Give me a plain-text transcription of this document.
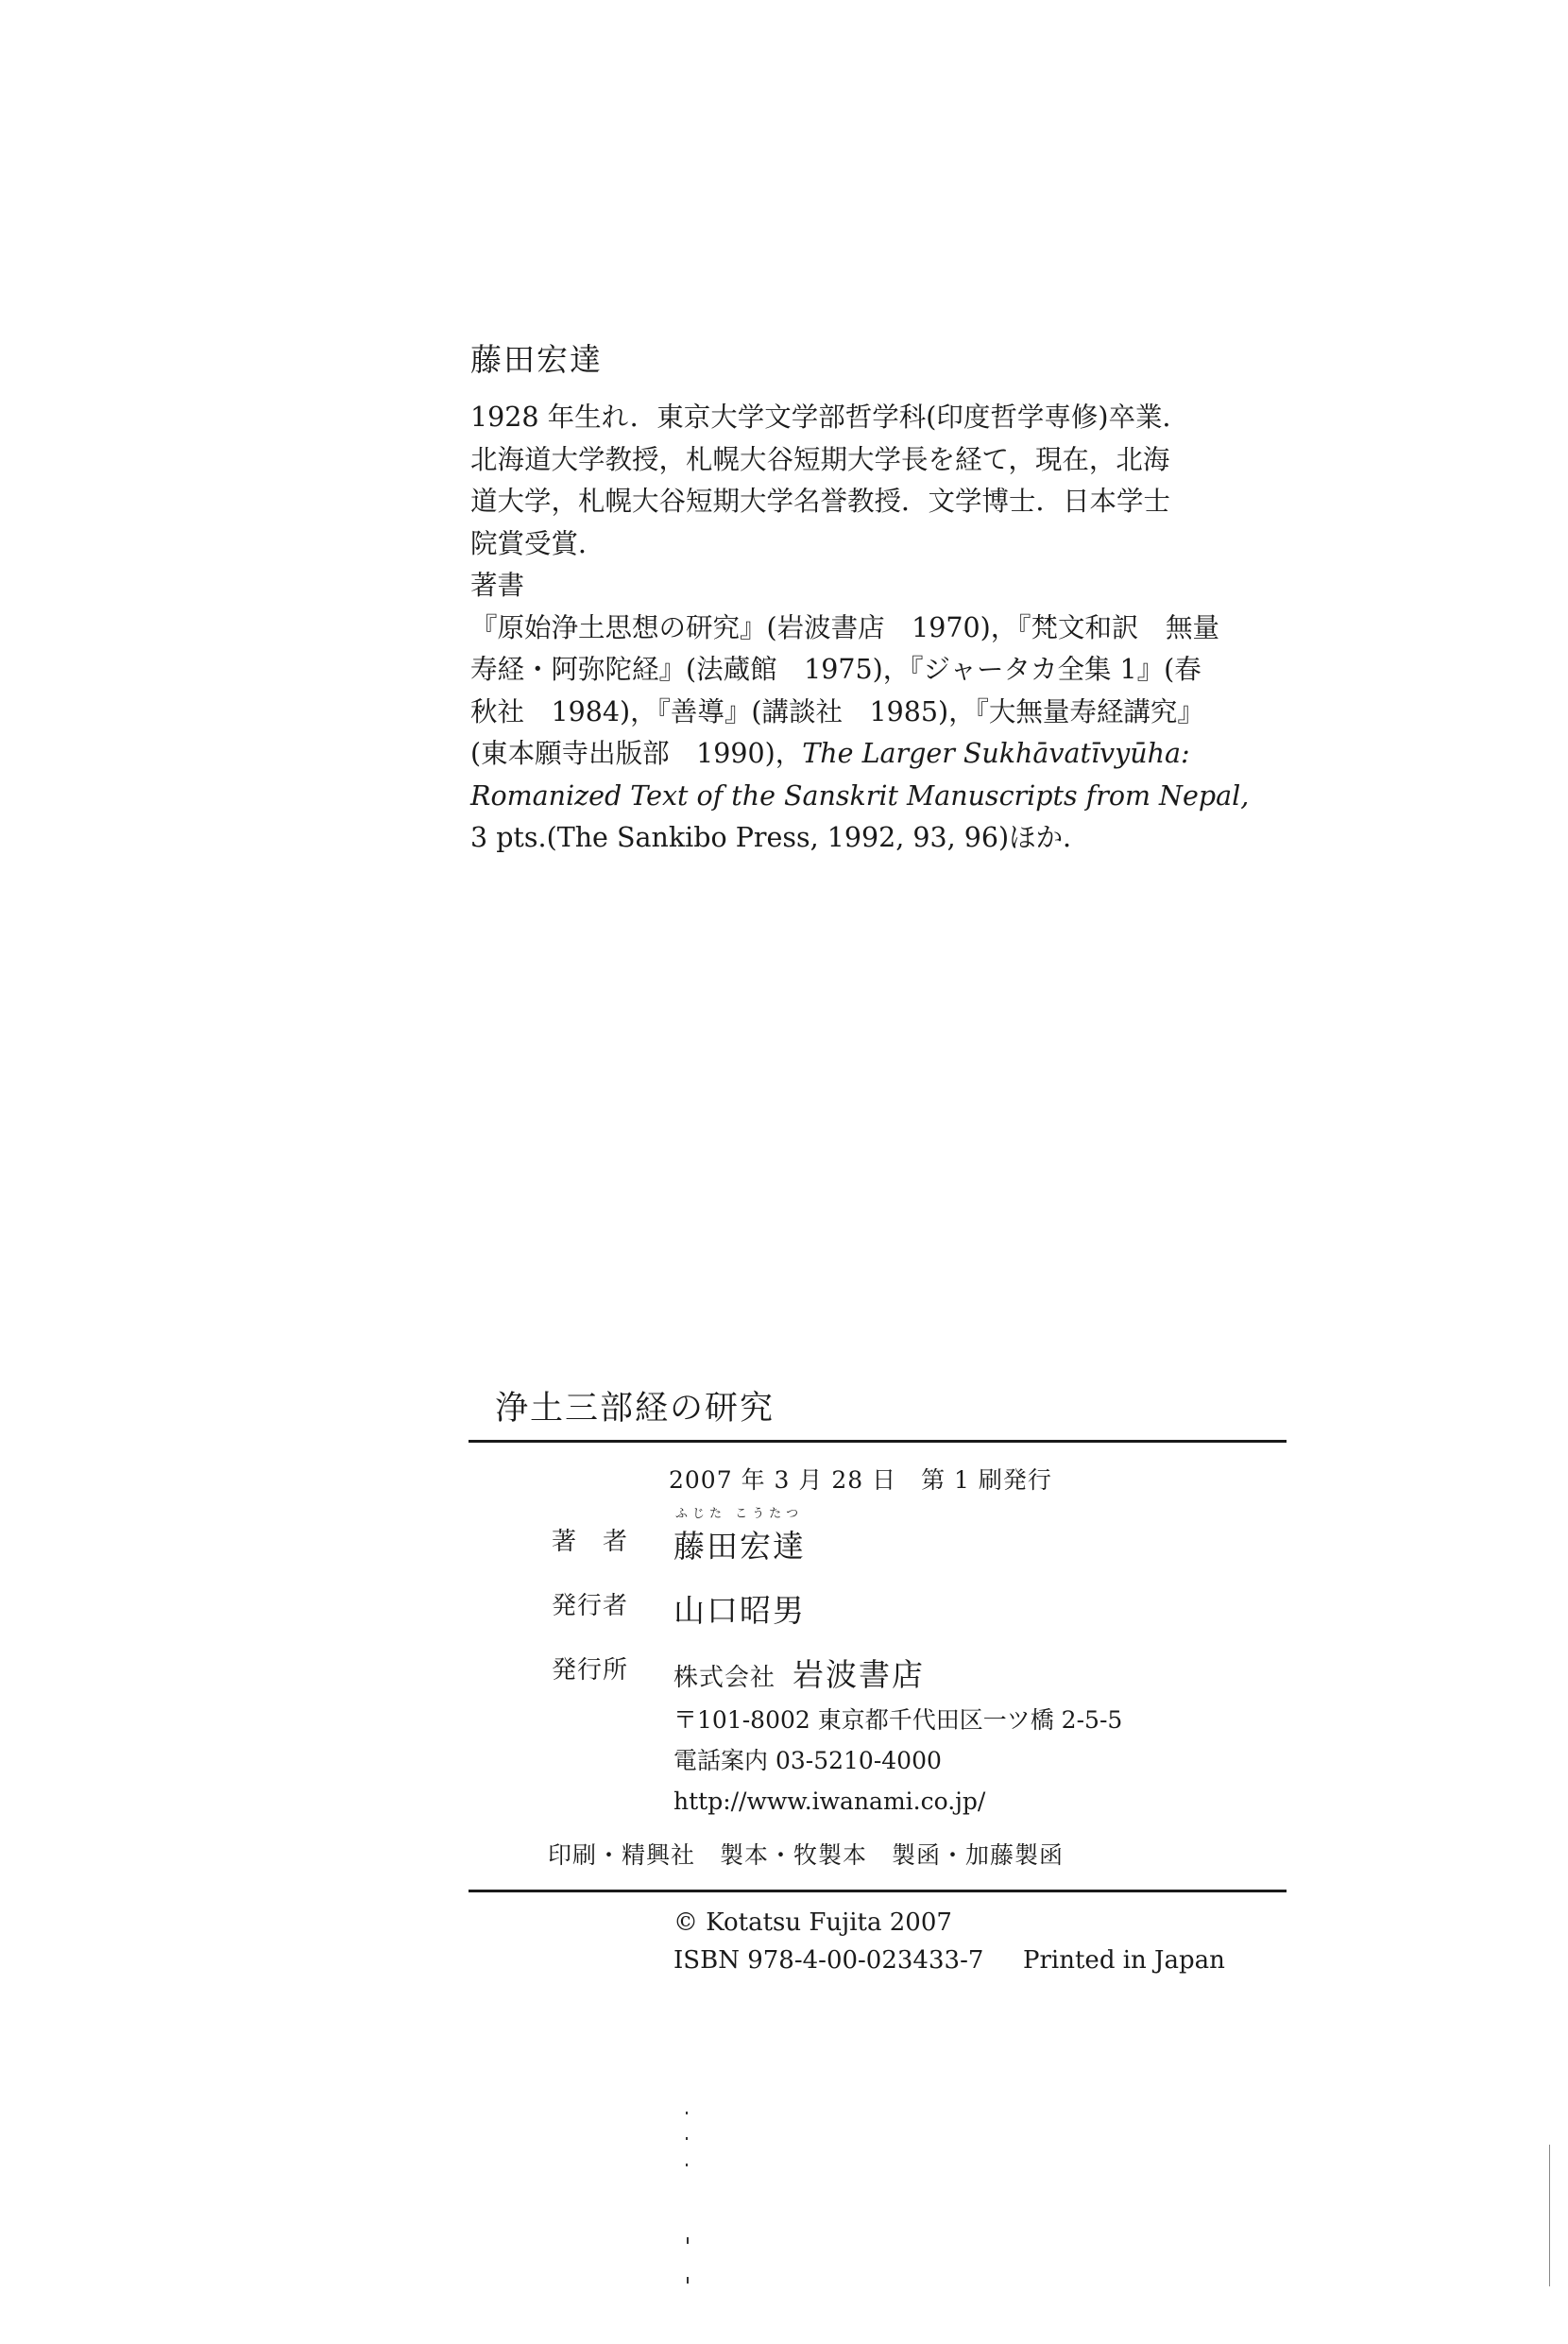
藤田宏達
1928 年生れ．東京大学文学部哲学科(印度哲学専修)卒業．
北海道大学教授，札幌大谷短期大学長を経て，現在，北海
道大学，札幌大谷短期大学名誉教授．文学博士．日本学士
院賞受賞．
著書
『原始浄土思想の研究』(岩波書店　1970)，『梵文和訳　無量
寿経・阿弥陀経』(法蔵館　1975)，『ジャータカ全集 1』(春
秋社　1984)，『善導』(講談社　1985)，『大無量寿経講究』
(東本願寺出版部　1990)，The Larger Sukhāvatīvyūha:
Romanized Text of the Sanskrit Manuscripts from Nepal,
3 pts.(The Sankibo Press, 1992, 93, 96)ほか．
浄土三部経の研究
2007 年 3 月 28 日　第 1 刷発行
著　者
ふじた こうたつ
藤田宏達
発行者 山口昭男
発行所 株式会社 岩波書店
〒101-8002 東京都千代田区一ツ橋 2-5-5
電話案内 03-5210-4000
http://www.iwanami.co.jp/
印刷・精興社　製本・牧製本　製函・加藤製函
© Kotatsu Fujita 2007
ISBN 978-4-00-023433-7 Printed in Japan
